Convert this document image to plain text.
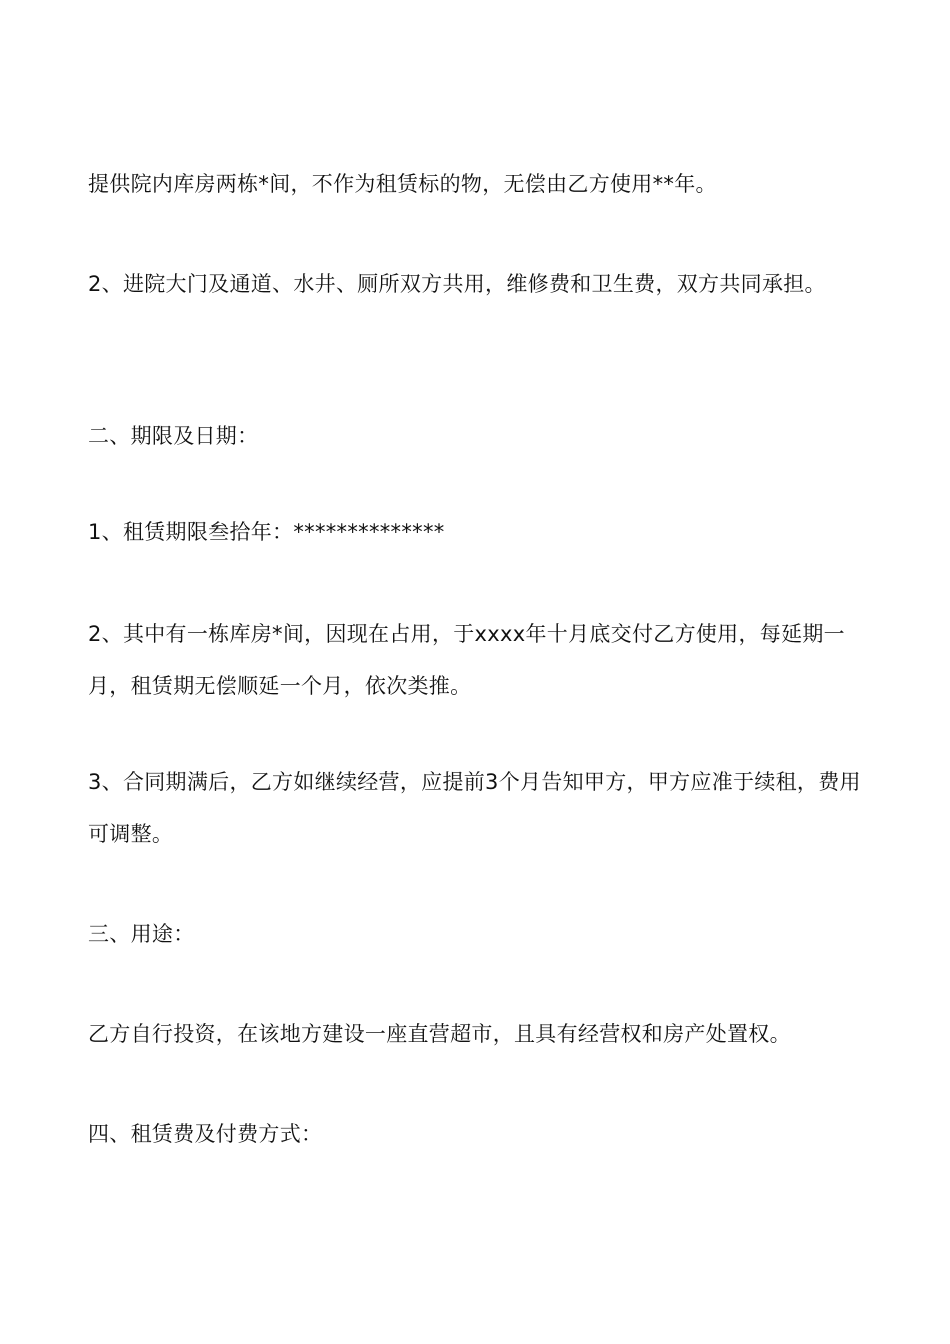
提供院内库房两栋*间，不作为租赁标的物，无偿由乙方使用**年。

2、进院大门及通道、水井、厕所双方共用，维修费和卫生费，双方共同承担。

二、期限及日期：

1、租赁期限叁拾年：**************

2、其中有一栋库房*间，因现在占用，于xxxx年十月底交付乙方使用，每延期一月，租赁期无偿顺延一个月，依次类推。

3、合同期满后，乙方如继续经营，应提前3个月告知甲方，甲方应准于续租，费用可调整。

三、用途：

乙方自行投资，在该地方建设一座直营超市，且具有经营权和房产处置权。

四、租赁费及付费方式：
